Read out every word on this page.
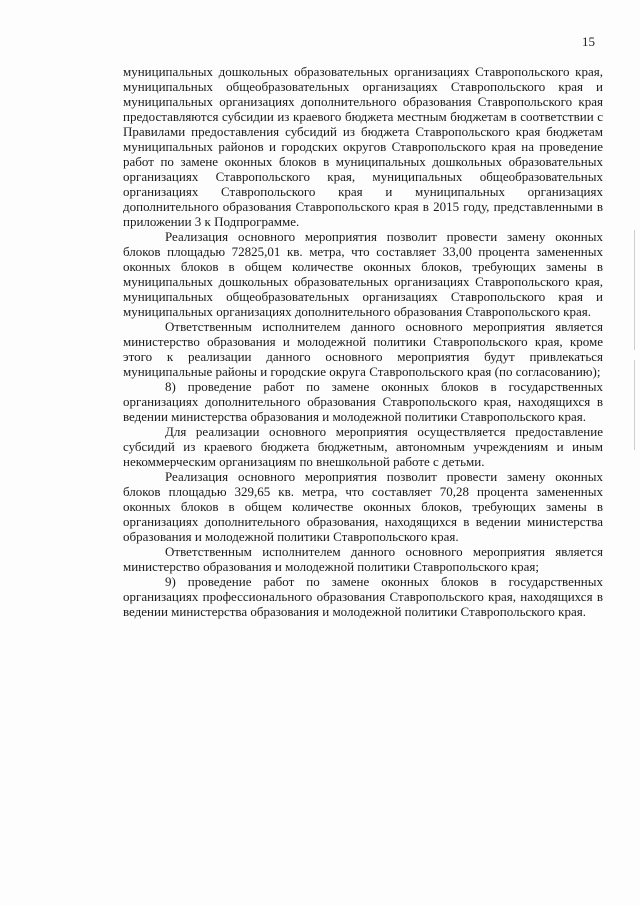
15

муниципальных дошкольных образовательных организациях Ставропольского края, муниципальных общеобразовательных организациях Ставропольского края и муниципальных организациях дополнительного образования Ставропольского края предоставляются субсидии из краевого бюджета местным бюджетам в соответствии с Правилами предоставления субсидий из бюджета Ставропольского края бюджетам муниципальных районов и городских округов Ставропольского края на проведение работ по замене оконных блоков в муниципальных дошкольных образовательных организациях Ставропольского края, муниципальных общеобразовательных организациях Ставропольского края и муниципальных организациях дополнительного образования Ставропольского края в 2015 году, представленными в приложении 3 к Подпрограмме.

Реализация основного мероприятия позволит провести замену оконных блоков площадью 72825,01 кв. метра, что составляет 33,00 процента замененных оконных блоков в общем количестве оконных блоков, требующих замены в муниципальных дошкольных образовательных организациях Ставропольского края, муниципальных общеобразовательных организациях Ставропольского края и муниципальных организациях дополнительного образования Ставропольского края.

Ответственным исполнителем данного основного мероприятия является министерство образования и молодежной политики Ставропольского края, кроме этого к реализации данного основного мероприятия будут привлекаться муниципальные районы и городские округа Ставропольского края (по согласованию);

8) проведение работ по замене оконных блоков в государственных организациях дополнительного образования Ставропольского края, находящихся в ведении министерства образования и молодежной политики Ставропольского края.

Для реализации основного мероприятия осуществляется предоставление субсидий из краевого бюджета бюджетным, автономным учреждениям и иным некоммерческим организациям по внешкольной работе с детьми.

Реализация основного мероприятия позволит провести замену оконных блоков площадью 329,65 кв. метра, что составляет 70,28 процента замененных оконных блоков в общем количестве оконных блоков, требующих замены в организациях дополнительного образования, находящихся в ведении министерства образования и молодежной политики Ставропольского края.

Ответственным исполнителем данного основного мероприятия является министерство образования и молодежной политики Ставропольского края;

9) проведение работ по замене оконных блоков в государственных организациях профессионального образования Ставропольского края, находящихся в ведении министерства образования и молодежной политики Ставропольского края.
